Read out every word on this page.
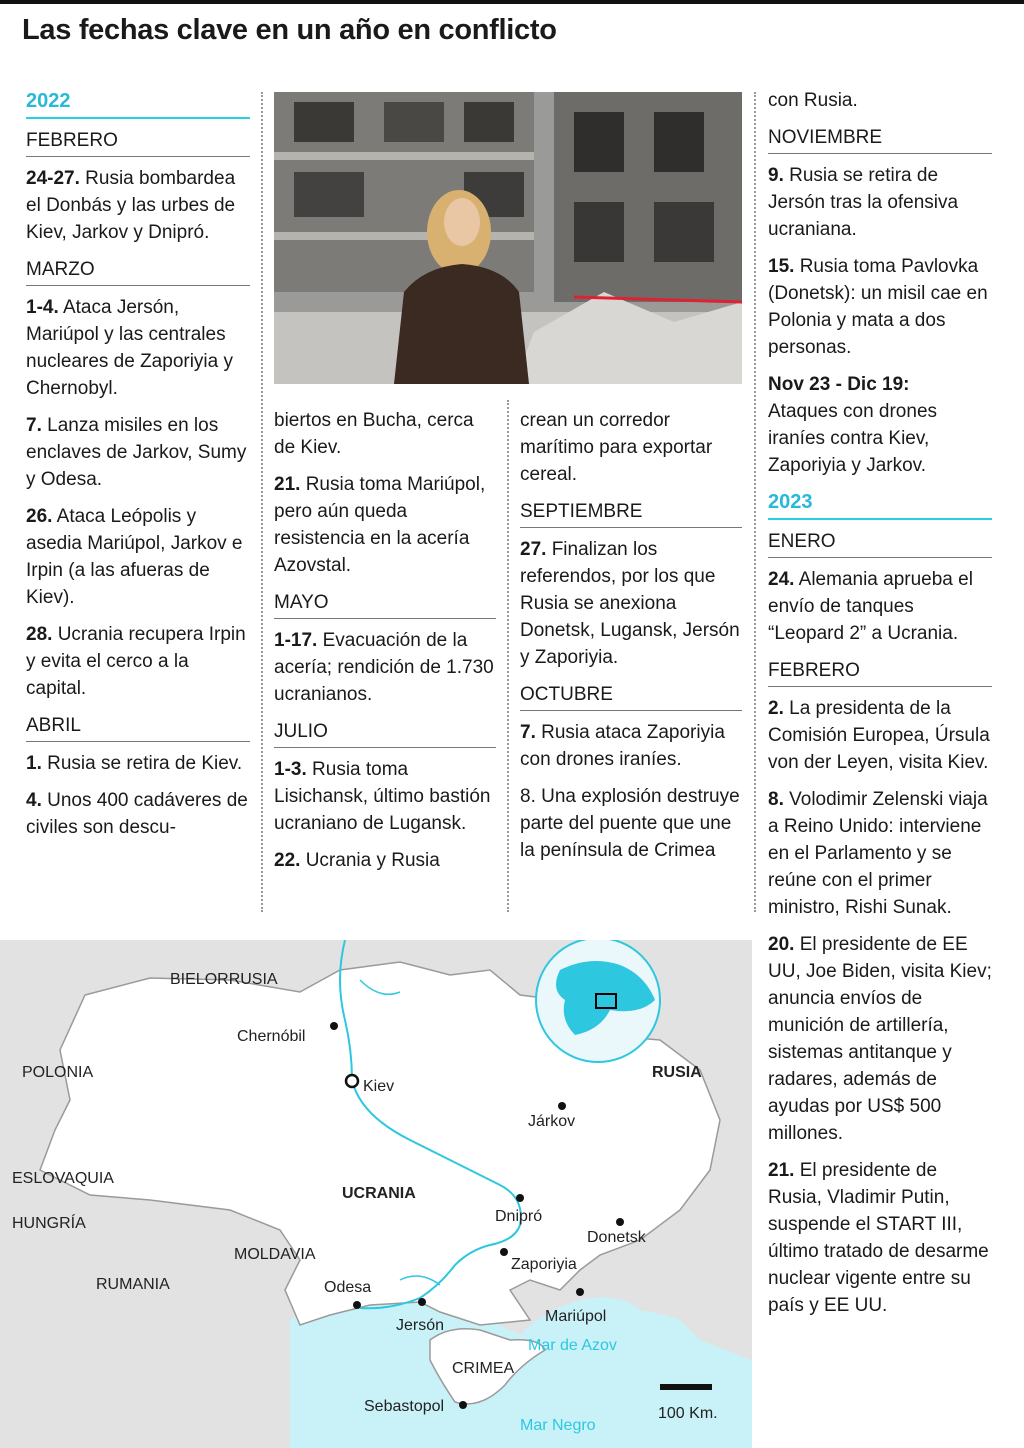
Las fechas clave en un año en conflicto
2022
FEBRERO

24-27. Rusia bombardea el Donbás y las urbes de Kiev, Jarkov y Dnipró.

MARZO

1-4. Ataca Jersón, Mariúpol y las centrales nucleares de Zaporiyia y Chernobyl.

7. Lanza misiles en los enclaves de Jarkov, Sumy y Odesa.

26. Ataca Leópolis y asedia Mariúpol, Jarkov e Irpin (a las afueras de Kiev).

28. Ucrania recupera Irpin y evita el cerco a la capital.

ABRIL

1. Rusia se retira de Kiev.

4. Unos 400 cadáveres de civiles son descu-

biertos en Bucha, cerca de Kiev.

21. Rusia toma Mariúpol, pero aún queda resistencia en la acería Azovstal.

MAYO

1-17. Evacuación de la acería; rendición de 1.730 ucranianos.

JULIO

1-3. Rusia toma Lisichansk, último bastión ucraniano de Lugansk.

22. Ucrania y Rusia

crean un corredor marítimo para exportar cereal.

SEPTIEMBRE

27. Finalizan los referendos, por los que Rusia se anexiona Donetsk, Lugansk, Jersón y Zaporiyia.

OCTUBRE

7. Rusia ataca Zaporiyia con drones iraníes.

8. Una explosión destruye parte del puente que une la península de Crimea

con Rusia.

NOVIEMBRE

9. Rusia se retira de Jersón tras la ofensiva ucraniana.

15. Rusia toma Pavlovka (Donetsk): un misil cae en Polonia y mata a dos personas.

Nov 23 - Dic 19:
Ataques con drones iraníes contra Kiev, Zaporiyia y Jarkov.

2023
ENERO

24. Alemania aprueba el envío de tanques “Leopard 2” a Ucrania.

FEBRERO

2. La presidenta de la Comisión Europea, Úrsula von der Leyen, visita Kiev.

8. Volodimir Zelenski viaja a Reino Unido: interviene en el Parlamento y se reúne con el primer ministro, Rishi Sunak.

20. El presidente de EE UU, Joe Biden, visita Kiev; anuncia envíos de munición de artillería, sistemas antitanque y radares, además de ayudas por US$ 500 millones.

21. El presidente de Rusia, Vladimir Putin, suspende el START III, último tratado de desarme nuclear vigente entre su país y EE UU.

BIELORRUSIA
POLONIA	RUSIA
ESLOVAQUIA
HUNGRÍA
MOLDAVIA
RUMANIA
UCRANIA
CRIMEA
Chernóbil
Kiev
Járkov
Dnipró
Donetsk
Zaporiyia
Odesa
Jersón
Mariúpol
Sebastopol
Mar de Azov
Mar Negro
100 Km.
